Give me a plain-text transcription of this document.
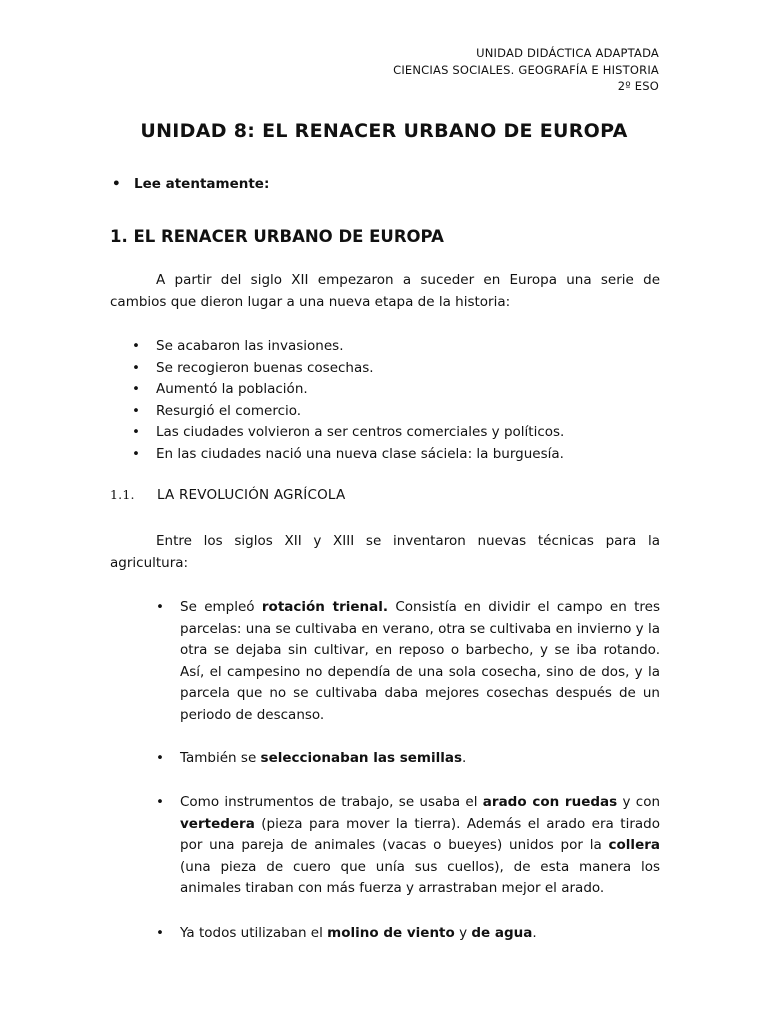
UNIDAD DIDÁCTICA ADAPTADA
CIENCIAS SOCIALES. GEOGRAFÍA E HISTORIA
2º ESO
UNIDAD 8: EL RENACER URBANO DE EUROPA
• Lee atentamente:
1. EL RENACER URBANO DE EUROPA
A partir del siglo XII empezaron a suceder en Europa una serie de cambios que dieron lugar a una nueva etapa de la historia:
• Se acabaron las invasiones.
• Se recogieron buenas cosechas.
• Aumentó la población.
• Resurgió el comercio.
• Las ciudades volvieron a ser centros comerciales y políticos.
• En las ciudades nació una nueva clase sáciela: la burguesía.
1.1. LA REVOLUCIÓN AGRÍCOLA
Entre los siglos XII y XIII se inventaron nuevas técnicas para la agricultura:
• Se empleó rotación trienal. Consistía en dividir el campo en tres parcelas: una se cultivaba en verano, otra se cultivaba en invierno y la otra se dejaba sin cultivar, en reposo o barbecho, y se iba rotando. Así, el campesino no dependía de una sola cosecha, sino de dos, y la parcela que no se cultivaba daba mejores cosechas después de un periodo de descanso.
• También se seleccionaban las semillas.
• Como instrumentos de trabajo, se usaba el arado con ruedas y con vertedera (pieza para mover la tierra). Además el arado era tirado por una pareja de animales (vacas o bueyes) unidos por la collera (una pieza de cuero que unía sus cuellos), de esta manera los animales tiraban con más fuerza y arrastraban mejor el arado.
• Ya todos utilizaban el molino de viento y de agua.
